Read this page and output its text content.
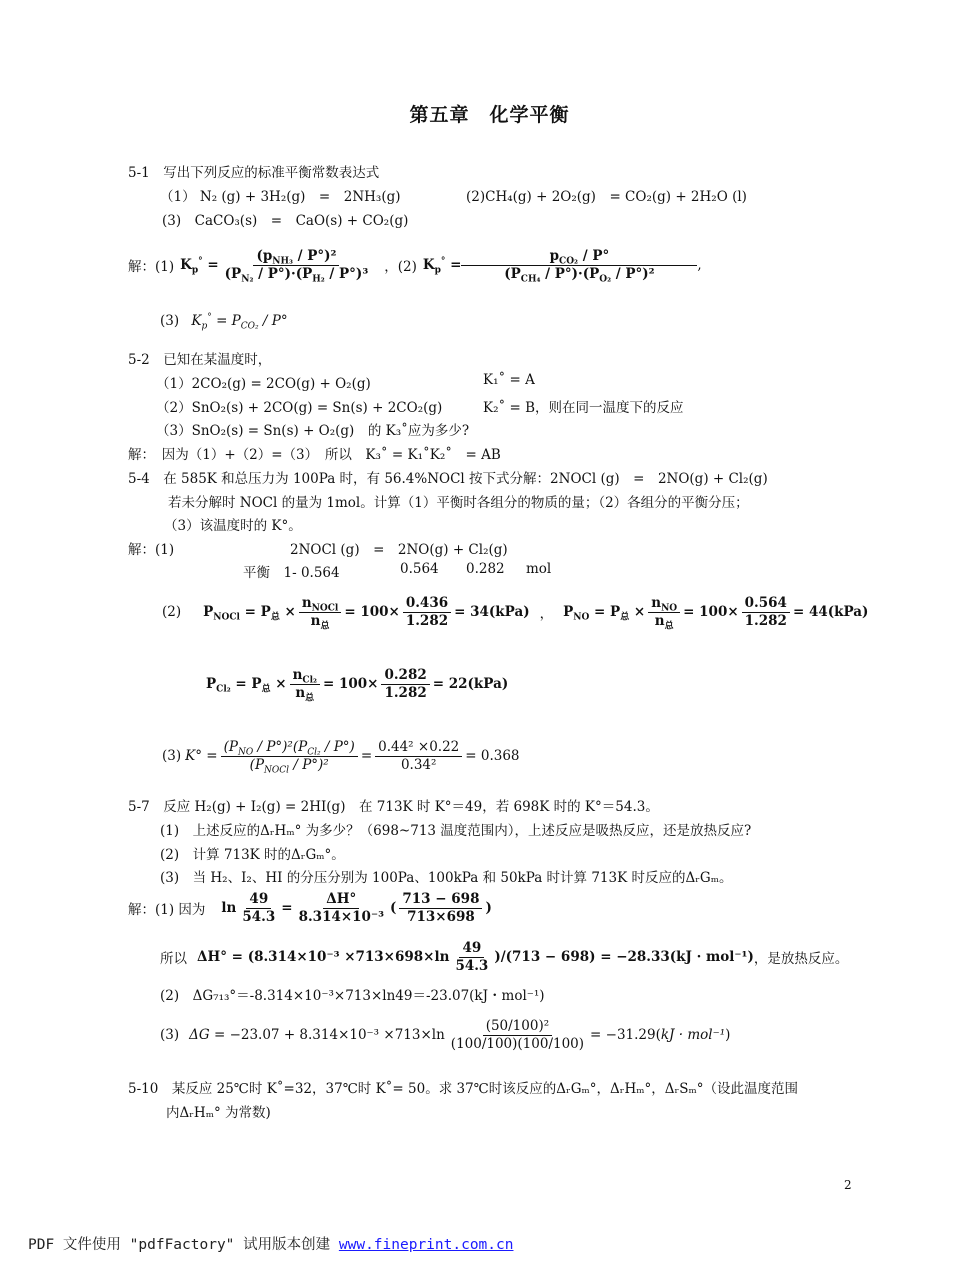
第五章　化学平衡
5-1　写出下列反应的标准平衡常数表达式
（1） N₂ (g) + 3H₂(g)　=　2NH₃(g)	(2)CH₄(g) + 2O₂(g)　= CO₂(g) + 2H₂O (l)
(3)　CaCO₃(s)　=　CaO(s) + CO₂(g)
解：(1) $K_p^\circ = \frac{(p_{NH_3} / P^\circ)^2}{(P_{N_2} / P^\circ)\cdot(P_{H_2} / P^\circ)^3}$ ，(2) $K_p^\circ = \frac{p_{CO_2} / P^\circ}{(P_{CH_4} / P^\circ)\cdot(P_{O_2} / P^\circ)^2}$ ,
(3) $K_p^\circ = P_{CO_2} / P^\circ$
5-2　已知在某温度时，
（1）2CO₂(g) = 2CO(g) + O₂(g)	K₁˚ = A
（2）SnO₂(s) + 2CO(g) = Sn(s) + 2CO₂(g)	K₂˚ = B，则在同一温度下的反应
（3）SnO₂(s) = Sn(s) + O₂(g)　的 K₃˚应为多少?
解：　因为（1）+（2）=（3）　所以　K₃˚ = K₁˚K₂˚　= AB
5-4　在 585K 和总压力为 100Pa 时，有 56.4%NOCl 按下式分解：2NOCl (g)　=　2NO(g) + Cl₂(g)
若未分解时 NOCl 的量为 1mol。计算（1）平衡时各组分的物质的量；（2）各组分的平衡分压；
（3）该温度时的 K°。
解：(1)	2NOCl (g)　=　2NO(g) + Cl₂(g)
平衡　1- 0.564	0.564 0.282 mol
(2) $P_{NOCl} = P_总 \times \frac{n_{NOCl}}{n_总} = 100\times \frac{0.436}{1.282} = 34(kPa)$ ， $P_{NO} = P_总 \times \frac{n_{NO}}{n_总} = 100\times \frac{0.564}{1.282} = 44(kPa)$
$P_{Cl_2} = P_总 \times \frac{n_{Cl_2}}{n_总} = 100\times \frac{0.282}{1.282} = 22(kPa)$
(3) $K^\circ = \frac{(P_{NO} / P^\circ)^2(P_{Cl_2} / P^\circ)}{(P_{NOCl} / P^\circ)^2} = \frac{\text{0.44² ×0.22}}{\text{0.34²}} = 0.368$
5-7　反应 H₂(g) + I₂(g) = 2HI(g)　在 713K 时 K°＝49，若 698K 时的 K°＝54.3。
(1)　上述反应的ΔᵣHₘ° 为多少？（698~713 温度范围内），上述反应是吸热反应，还是放热反应?
(2)　计算 713K 时的ΔᵣGₘ°。
(3)　当 H₂、I₂、HI 的分压分别为 100Pa、100kPa 和 50kPa 时计算 713K 时反应的ΔᵣGₘ。
解：(1) 因为 $\ln \frac{49}{54.3} = \frac{\Delta H^\circ}{\text{8.314×10⁻³}}$ ( $\frac{713 - 698}{713\times 698}$ )
所以 $\Delta H^\circ = (8.314\times 10^{-3} \times 713\times 698\times\ln \frac{49}{54.3} )/(713 - 698) = -28.33(kJ \cdot mol^{-1})$ ，是放热反应。
(2)　ΔG₇₁₃°＝-8.314×10⁻³×713×ln49＝-23.07(kJ・mol⁻¹)
(3) $\Delta G = -23.07 + 8.314\times 10^{-3} \times 713\times\ln \frac{\text{(50/100)²}}{(100/100)(100/100)} = -31.29(kJ \cdot mol^{-1})$
5-10　某反应 25℃时 K˚=32，37℃时 K˚= 50。求 37℃时该反应的ΔᵣGₘ°，ΔᵣHₘ°，ΔᵣSₘ°（设此温度范围
内ΔᵣHₘ° 为常数)
2
PDF 文件使用 "pdfFactory" 试用版本创建 www.fineprint.com.cn
